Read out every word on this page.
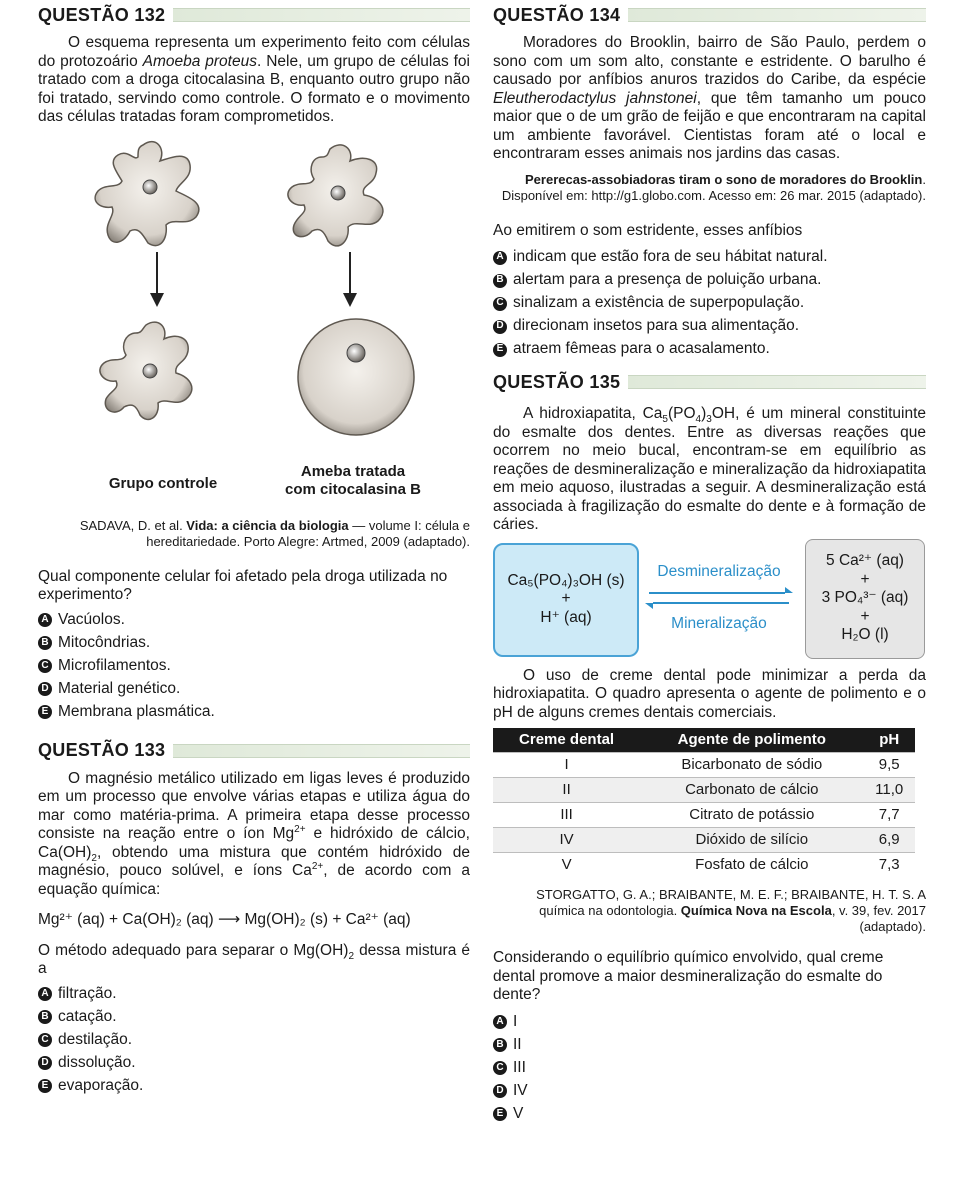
QUESTÃO 132

O esquema representa um experimento feito com células do protozoário Amoeba proteus. Nele, um grupo de células foi tratado com a droga citocalasina B, enquanto outro grupo não foi tratado, servindo como controle. O formato e o movimento das células tratadas foram comprometidos.

Grupo controle
Ameba tratada
com citocalasina B

SADAVA, D. et al. Vida: a ciência da biologia — volume I: célula e hereditariedade. Porto Alegre: Artmed, 2009 (adaptado).

Qual componente celular foi afetado pela droga utilizada no experimento?

A Vacúolos.
B Mitocôndrias.
C Microfilamentos.
D Material genético.
E Membrana plasmática.
QUESTÃO 133

O magnésio metálico utilizado em ligas leves é produzido em um processo que envolve várias etapas e utiliza água do mar como matéria-prima. A primeira etapa desse processo consiste na reação entre o íon $Mg^{2+}$ e hidróxido de cálcio, $Ca(OH)_2$, obtendo uma mistura que contém hidróxido de magnésio, pouco solúvel, e íons $Ca^{2+}$, de acordo com a equação química:

Mg²⁺ (aq) + Ca(OH)₂ (aq) ⟶ Mg(OH)₂ (s) + Ca²⁺ (aq)

O método adequado para separar o $Mg(OH)_2$ dessa mistura é a

A filtração.
B catação.
C destilação.
D dissolução.
E evaporação.
QUESTÃO 134

Moradores do Brooklin, bairro de São Paulo, perdem o sono com um som alto, constante e estridente. O barulho é causado por anfíbios anuros trazidos do Caribe, da espécie Eleutherodactylus jahnstonei, que têm tamanho um pouco maior que o de um grão de feijão e que encontraram na capital um ambiente favorável. Cientistas foram até o local e encontraram esses animais nos jardins das casas.

Pererecas-assobiadoras tiram o sono de moradores do Brooklin. Disponível em: http://g1.globo.com. Acesso em: 26 mar. 2015 (adaptado).

Ao emitirem o som estridente, esses anfíbios

A indicam que estão fora de seu hábitat natural.
B alertam para a presença de poluição urbana.
C sinalizam a existência de superpopulação.
D direcionam insetos para sua alimentação.
E atraem fêmeas para o acasalamento.
QUESTÃO 135

A hidroxiapatita, $Ca_5(PO_4)_3OH$, é um mineral constituinte do esmalte dos dentes. Entre as diversas reações que ocorrem no meio bucal, encontram-se em equilíbrio as reações de desmineralização e mineralização da hidroxiapatita em meio aquoso, ilustradas a seguir. A desmineralização está associada à fragilização do esmalte do dente e à formação de cáries.

Ca₅(PO₄)₃OH (s)
+
H⁺ (aq)
Desmineralização
Mineralização
5 Ca²⁺ (aq)
+
3 PO₄³⁻ (aq)
+
H₂O (l)

O uso de creme dental pode minimizar a perda da hidroxiapatita. O quadro apresenta o agente de polimento e o pH de alguns cremes dentais comerciais.

Creme dental	Agente de polimento	pH
I	Bicarbonato de sódio	9,5
II	Carbonato de cálcio	11,0
III	Citrato de potássio	7,7
IV	Dióxido de silício	6,9
V	Fosfato de cálcio	7,3

STORGATTO, G. A.; BRAIBANTE, M. E. F.; BRAIBANTE, H. T. S. A química na odontologia. Química Nova na Escola, v. 39, fev. 2017 (adaptado).

Considerando o equilíbrio químico envolvido, qual creme dental promove a maior desmineralização do esmalte do dente?

A I
B II
C III
D IV
E V
